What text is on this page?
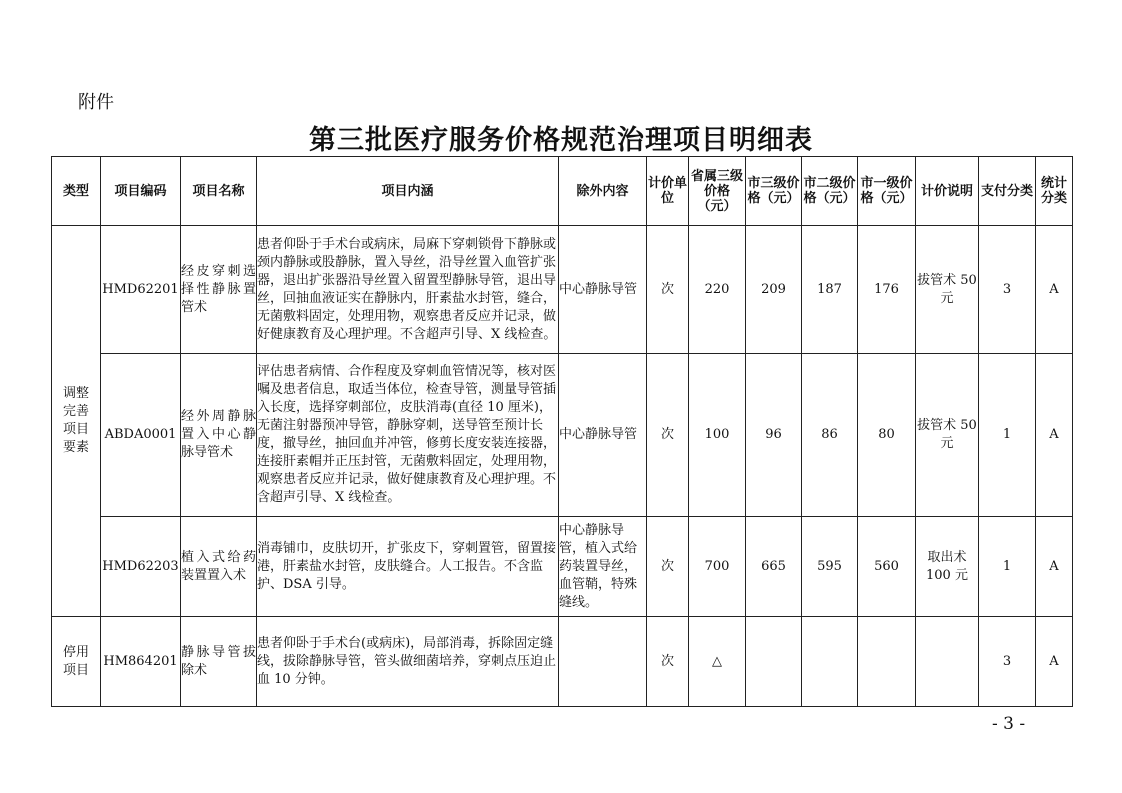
附件
第三批医疗服务价格规范治理项目明细表
类型	项目编码	项目名称	项目内涵	除外内容	计价单位	省属三级价格（元）	市三级价格（元）	市二级价格（元）	市一级价格（元）	计价说明	支付分类	统计分类
调整完善项目要素	HMD62201	经皮穿刺选择性静脉置管术	患者仰卧于手术台或病床，局麻下穿刺锁骨下静脉或颈内静脉或股静脉，置入导丝，沿导丝置入血管扩张器，退出扩张器沿导丝置入留置型静脉导管，退出导丝，回抽血液证实在静脉内，肝素盐水封管，缝合，无菌敷料固定，处理用物，观察患者反应并记录，做好健康教育及心理护理。不含超声引导、X 线检查。	中心静脉导管	次	220	209	187	176	拔管术 50 元	3	A
	ABDA0001	经外周静脉置入中心静脉导管术	评估患者病情、合作程度及穿刺血管情况等，核对医嘱及患者信息，取适当体位，检查导管，测量导管插入长度，选择穿刺部位，皮肤消毒(直径 10 厘米)，无菌注射器预冲导管，静脉穿刺，送导管至预计长度，撤导丝，抽回血并冲管，修剪长度安装连接器，连接肝素帽并正压封管，无菌敷料固定，处理用物，观察患者反应并记录，做好健康教育及心理护理。不含超声引导、X 线检查。	中心静脉导管	次	100	96	86	80	拔管术 50 元	1	A
	HMD62203	植入式给药装置置入术	消毒铺巾，皮肤切开，扩张皮下，穿刺置管，留置接港，肝素盐水封管，皮肤缝合。人工报告。不含监护、DSA 引导。	中心静脉导管，植入式给药装置导丝，血管鞘，特殊缝线。	次	700	665	595	560	取出术 100 元	1	A
停用项目	HM864201	静脉导管拔除术	患者仰卧于手术台(或病床)，局部消毒，拆除固定缝线，拔除静脉导管，管头做细菌培养，穿刺点压迫止血 10 分钟。		次	△					3	A
- 3 -
